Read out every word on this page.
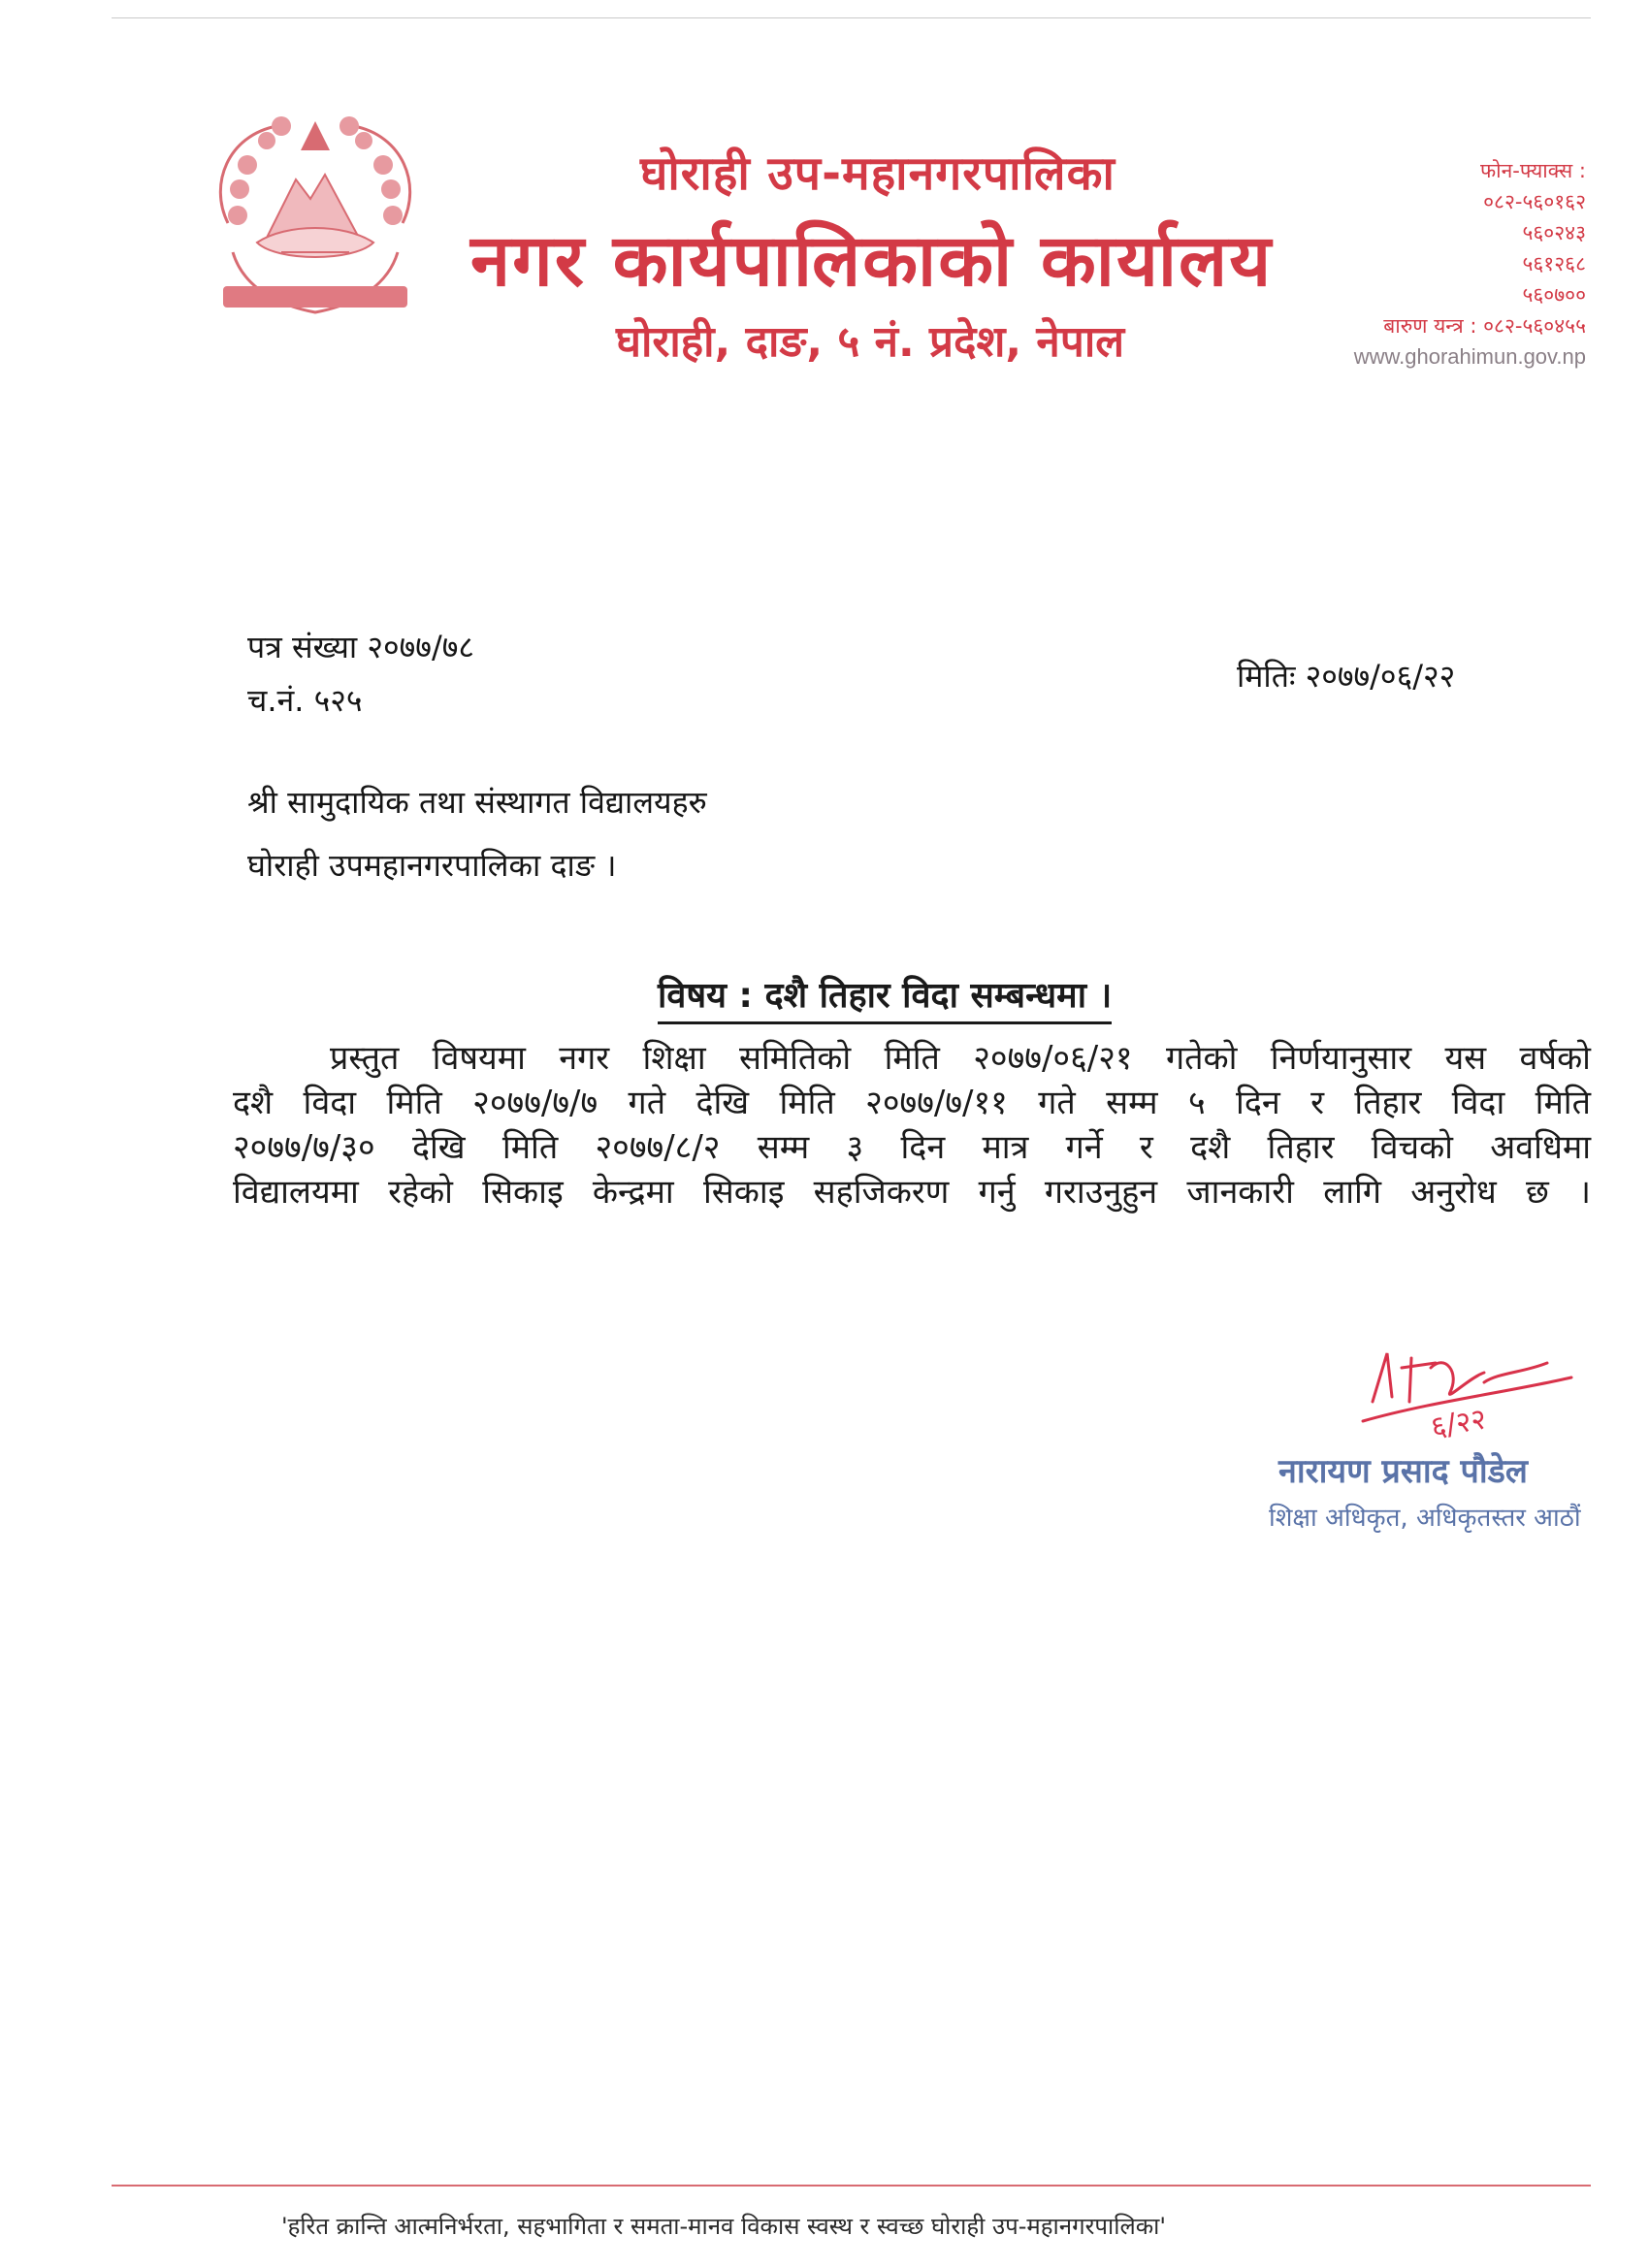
घोराही उप-महानगरपालिका
नगर कार्यपालिकाको कार्यालय
घोराही, दाङ, ५ नं. प्रदेश, नेपाल
फोन-फ्याक्स :
०८२-५६०१६२
५६०२४३
५६१२६८
५६०७००
बारुण यन्त्र : ०८२-५६०४५५
www.ghorahimun.gov.np
पत्र संख्या २०७७/७८
च.नं. ५२५
मितिः २०७७/०६/२२
श्री सामुदायिक तथा संस्थागत विद्यालयहरु
घोराही उपमहानगरपालिका दाङ ।
विषय : दशै तिहार विदा सम्बन्धमा ।
प्रस्तुत विषयमा नगर शिक्षा समितिको मिति २०७७/०६/२१ गतेको निर्णयानुसार यस वर्षको
दशै विदा मिति २०७७/७/७ गते देखि मिति २०७७/७/११ गते सम्म ५ दिन र तिहार विदा मिति
२०७७/७/३० देखि मिति २०७७/८/२ सम्म ३ दिन मात्र गर्ने र दशै तिहार विचको अवधिमा
विद्यालयमा रहेको सिकाइ केन्द्रमा सिकाइ सहजिकरण गर्नु गराउनुहुन जानकारी लागि अनुरोध छ ।
६/२२
नारायण प्रसाद पौडेल
शिक्षा अधिकृत, अधिकृतस्तर आठौं
'हरित क्रान्ति आत्मनिर्भरता, सहभागिता र समता-मानव विकास स्वस्थ र स्वच्छ घोराही उप-महानगरपालिका'
